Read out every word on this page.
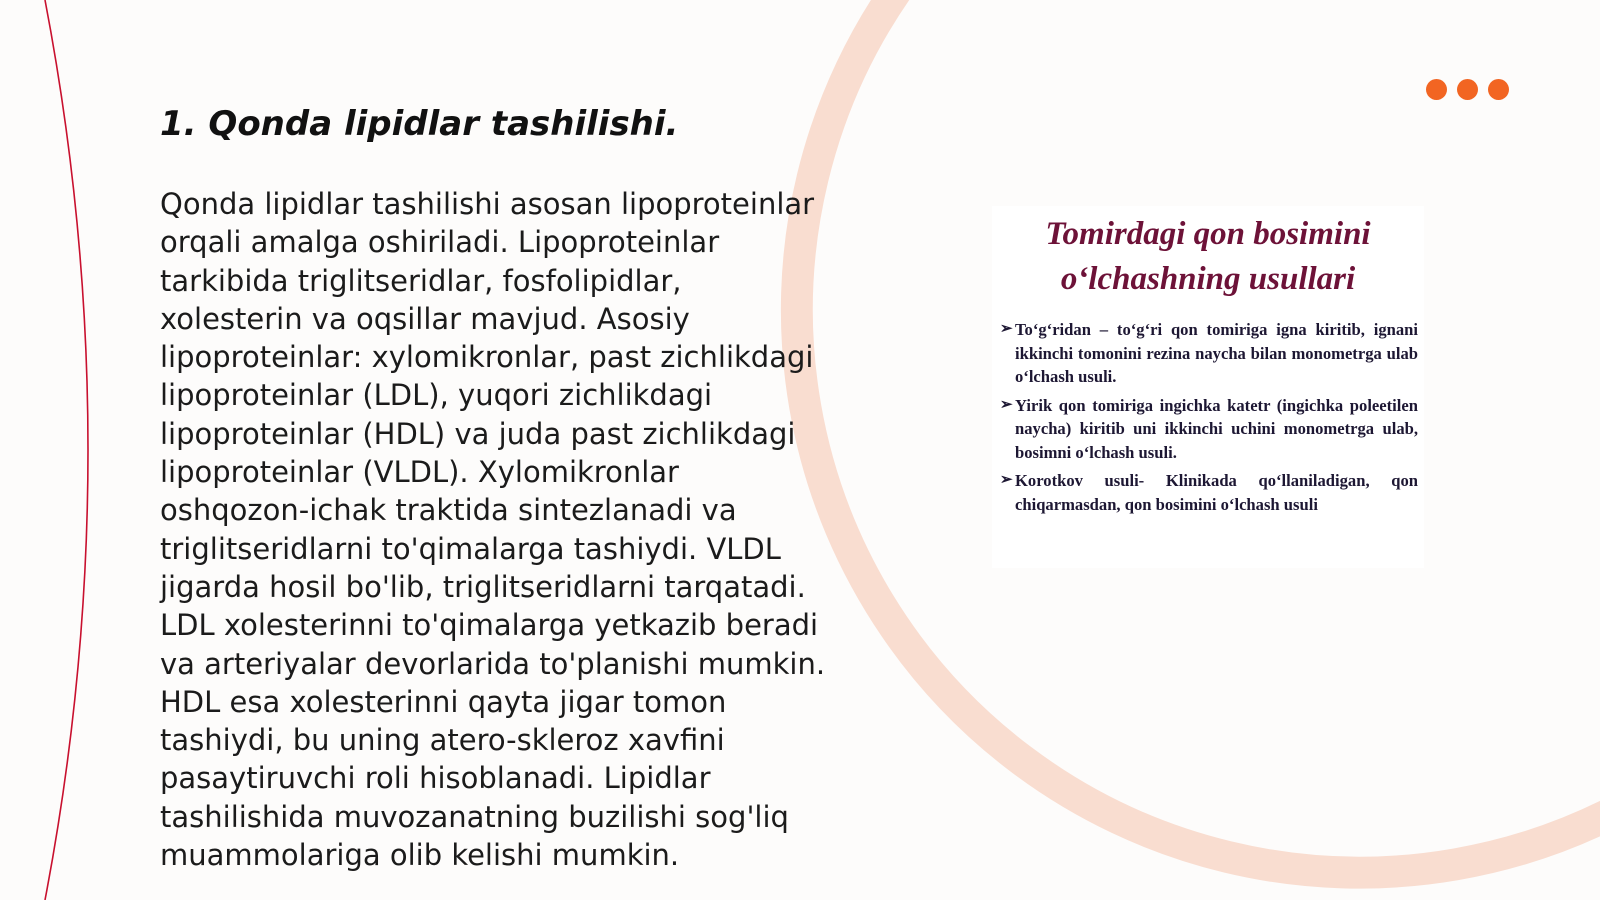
1. Qonda lipidlar tashilishi.

Qonda lipidlar tashilishi asosan lipoproteinlar orqali amalga oshiriladi. Lipoproteinlar tarkibida triglitseridlar, fosfolipidlar, xolesterin va oqsillar mavjud. Asosiy lipoproteinlar: xylomikronlar, past zichlikdagi lipoproteinlar (LDL), yuqori zichlikdagi lipoproteinlar (HDL) va juda past zichlikdagi lipoproteinlar (VLDL). Xylomikronlar oshqozon-ichak traktida sintezlanadi va triglitseridlarni to'qimalarga tashiydi. VLDL jigarda hosil bo'lib, triglitseridlarni tarqatadi. LDL xolesterinni to'qimalarga yetkazib beradi va arteriyalar devorlarida to'planishi mumkin. HDL esa xolesterinni qayta jigar tomon tashiydi, bu uning atero-skleroz xavfini pasaytiruvchi roli hisoblanadi. Lipidlar tashilishida muvozanatning buzilishi sog'liq muammolariga olib kelishi mumkin.

Tomirdagi qon bosimini
o‘lchashning usullari
➢ To‘g‘ridan – to‘g‘ri qon tomiriga igna kiritib, ignani ikkinchi tomonini rezina naycha bilan monometrga ulab o‘lchash usuli.
➢ Yirik qon tomiriga ingichka katetr (ingichka poleetilen naycha) kiritib uni ikkinchi uchini monometrga ulab, bosimni o‘lchash usuli.
➢ Korotkov usuli- Klinikada qo‘llaniladigan, qon chiqarmasdan, qon bosimini o‘lchash usuli
